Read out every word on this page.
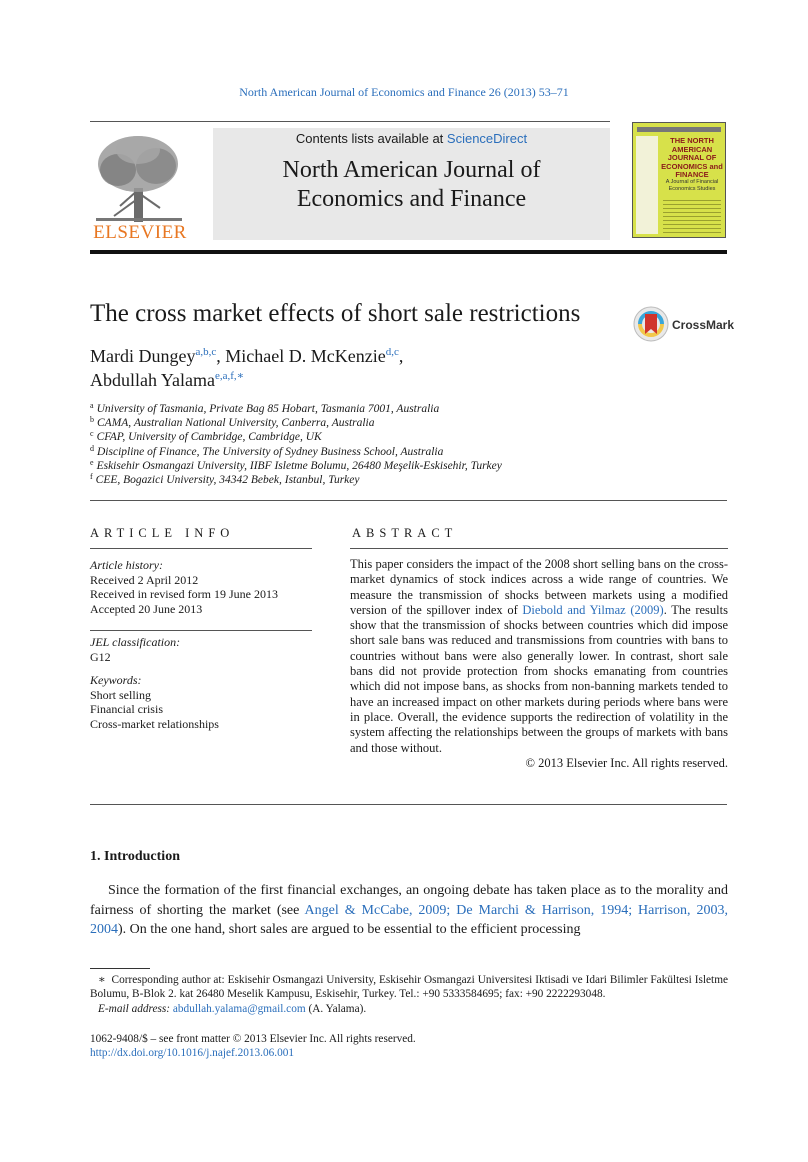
North American Journal of Economics and Finance 26 (2013) 53–71
ELSEVIER
Contents lists available at ScienceDirect
North American Journal of
Economics and Finance
THE NORTH AMERICAN JOURNAL OF ECONOMICS and FINANCE
A Journal of Financial Economics Studies
The cross market effects of short sale restrictions	CrossMark
Mardi Dungey$^{a,b,c}$, Michael D. McKenzie$^{d,c}$,
Abdullah Yalama$^{e,a,f,∗}$
$^a$ University of Tasmania, Private Bag 85 Hobart, Tasmania 7001, Australia
$^b$ CAMA, Australian National University, Canberra, Australia
$^c$ CFAP, University of Cambridge, Cambridge, UK
$^d$ Discipline of Finance, The University of Sydney Business School, Australia
$^e$ Eskisehir Osmangazi University, IIBF Isletme Bolumu, 26480 Meşelik-Eskisehir, Turkey
$^f$ CEE, Bogazici University, 34342 Bebek, Istanbul, Turkey
ARTICLE INFO
Article history:
Received 2 April 2012
Received in revised form 19 June 2013
Accepted 20 June 2013
JEL classification:
G12
Keywords:
Short selling
Financial crisis
Cross-market relationships
ABSTRACT
This paper considers the impact of the 2008 short selling bans on the cross-market dynamics of stock indices across a wide range of countries. We measure the transmission of shocks between markets using a modified version of the spillover index of Diebold and Yilmaz (2009). The results show that the transmission of shocks between countries which did impose short sale bans was reduced and transmissions from countries with bans to countries without bans were also generally lower. In contrast, short sale bans did not provide protection from shocks emanating from countries which did not impose bans, as shocks from non-banning markets tended to have an increased impact on other markets during periods where bans were in place. Overall, the evidence supports the redirection of volatility in the system affecting the relationships between the groups of markets with bans and those without.
© 2013 Elsevier Inc. All rights reserved.
1. Introduction
Since the formation of the first financial exchanges, an ongoing debate has taken place as to the morality and fairness of shorting the market (see Angel & McCabe, 2009; De Marchi & Harrison, 1994; Harrison, 2003, 2004). On the one hand, short sales are argued to be essential to the efficient processing
∗ Corresponding author at: Eskisehir Osmangazi University, Eskisehir Osmangazi Universitesi Iktisadi ve Idari Bilimler Fakültesi Isletme Bolumu, B-Blok 2. kat 26480 Meselik Kampusu, Eskisehir, Turkey. Tel.: +90 5333584695; fax: +90 2222293048.
E-mail address: abdullah.yalama@gmail.com (A. Yalama).
1062-9408/$ – see front matter © 2013 Elsevier Inc. All rights reserved.
http://dx.doi.org/10.1016/j.najef.2013.06.001
